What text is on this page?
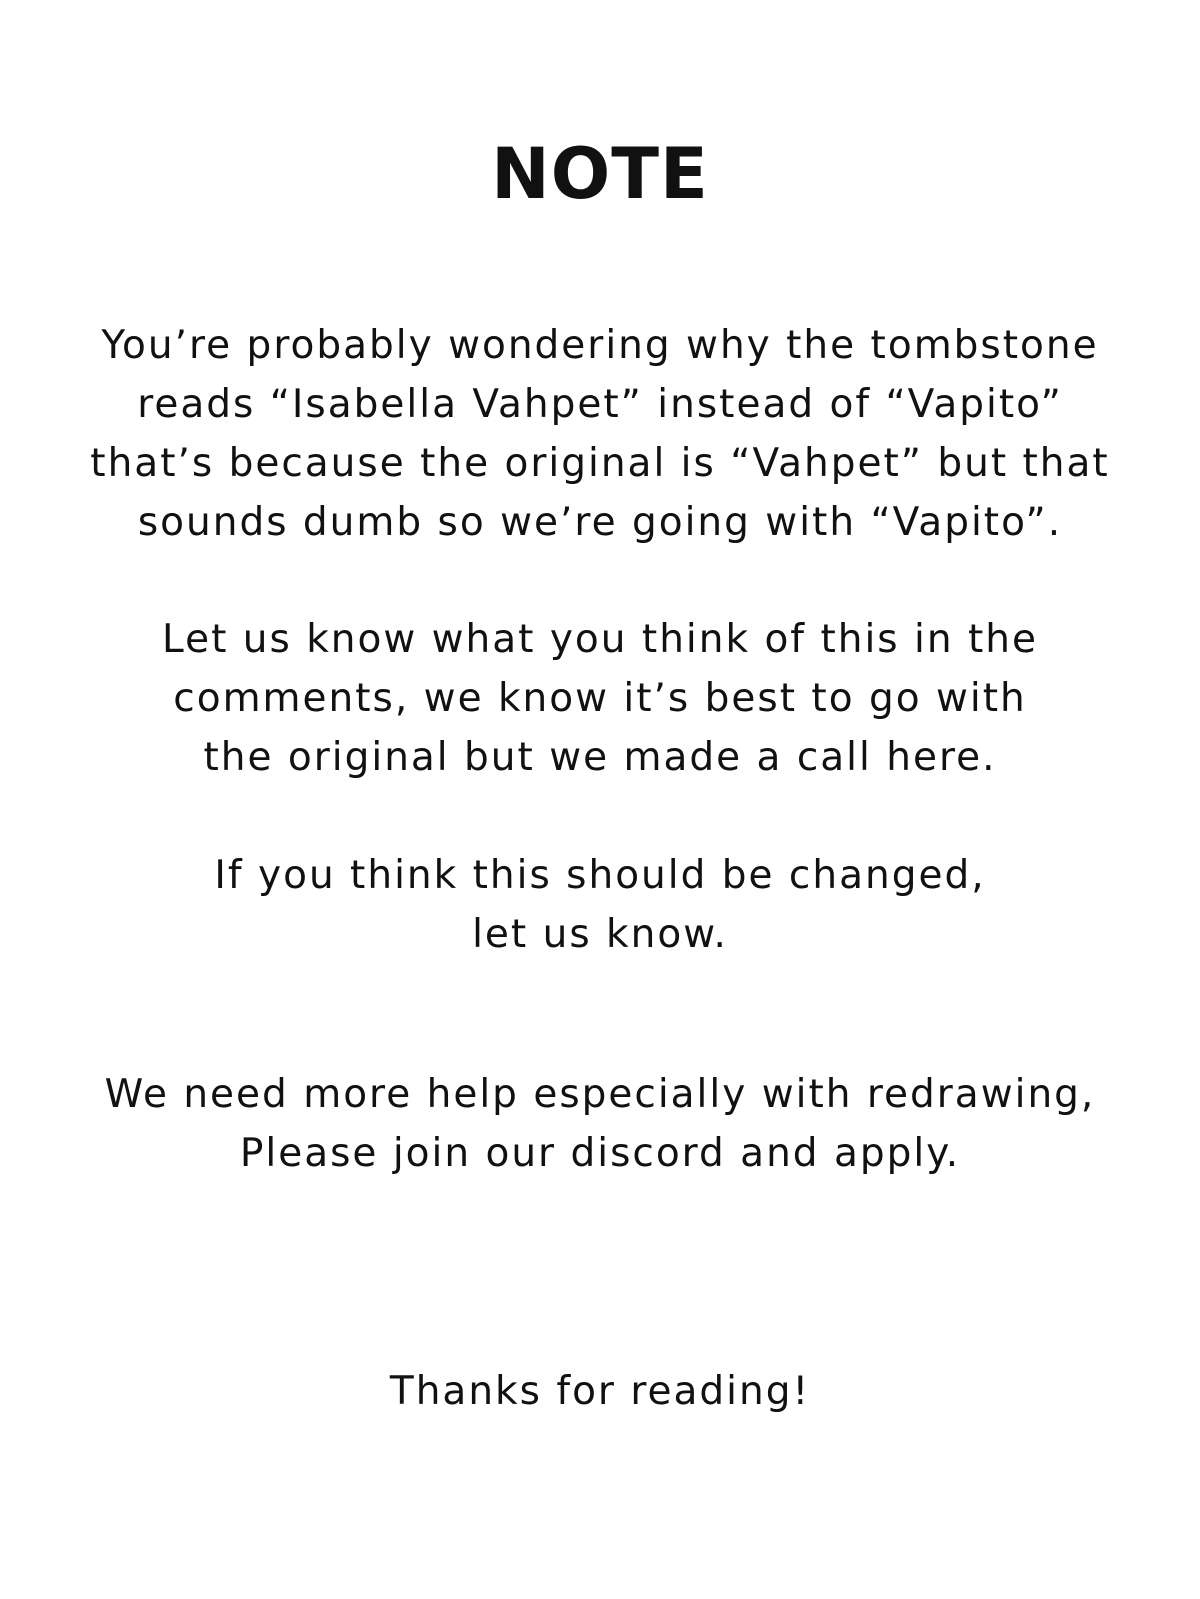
NOTE
You’re probably wondering why the tombstone
reads “Isabella Vahpet” instead of “Vapito”
that’s because the original is “Vahpet” but that
sounds dumb so we’re going with “Vapito”.
Let us know what you think of this in the
comments, we know it’s best to go with
the original but we made a call here.
If you think this should be changed,
let us know.
We need more help especially with redrawing,
Please join our discord and apply.
Thanks for reading!
